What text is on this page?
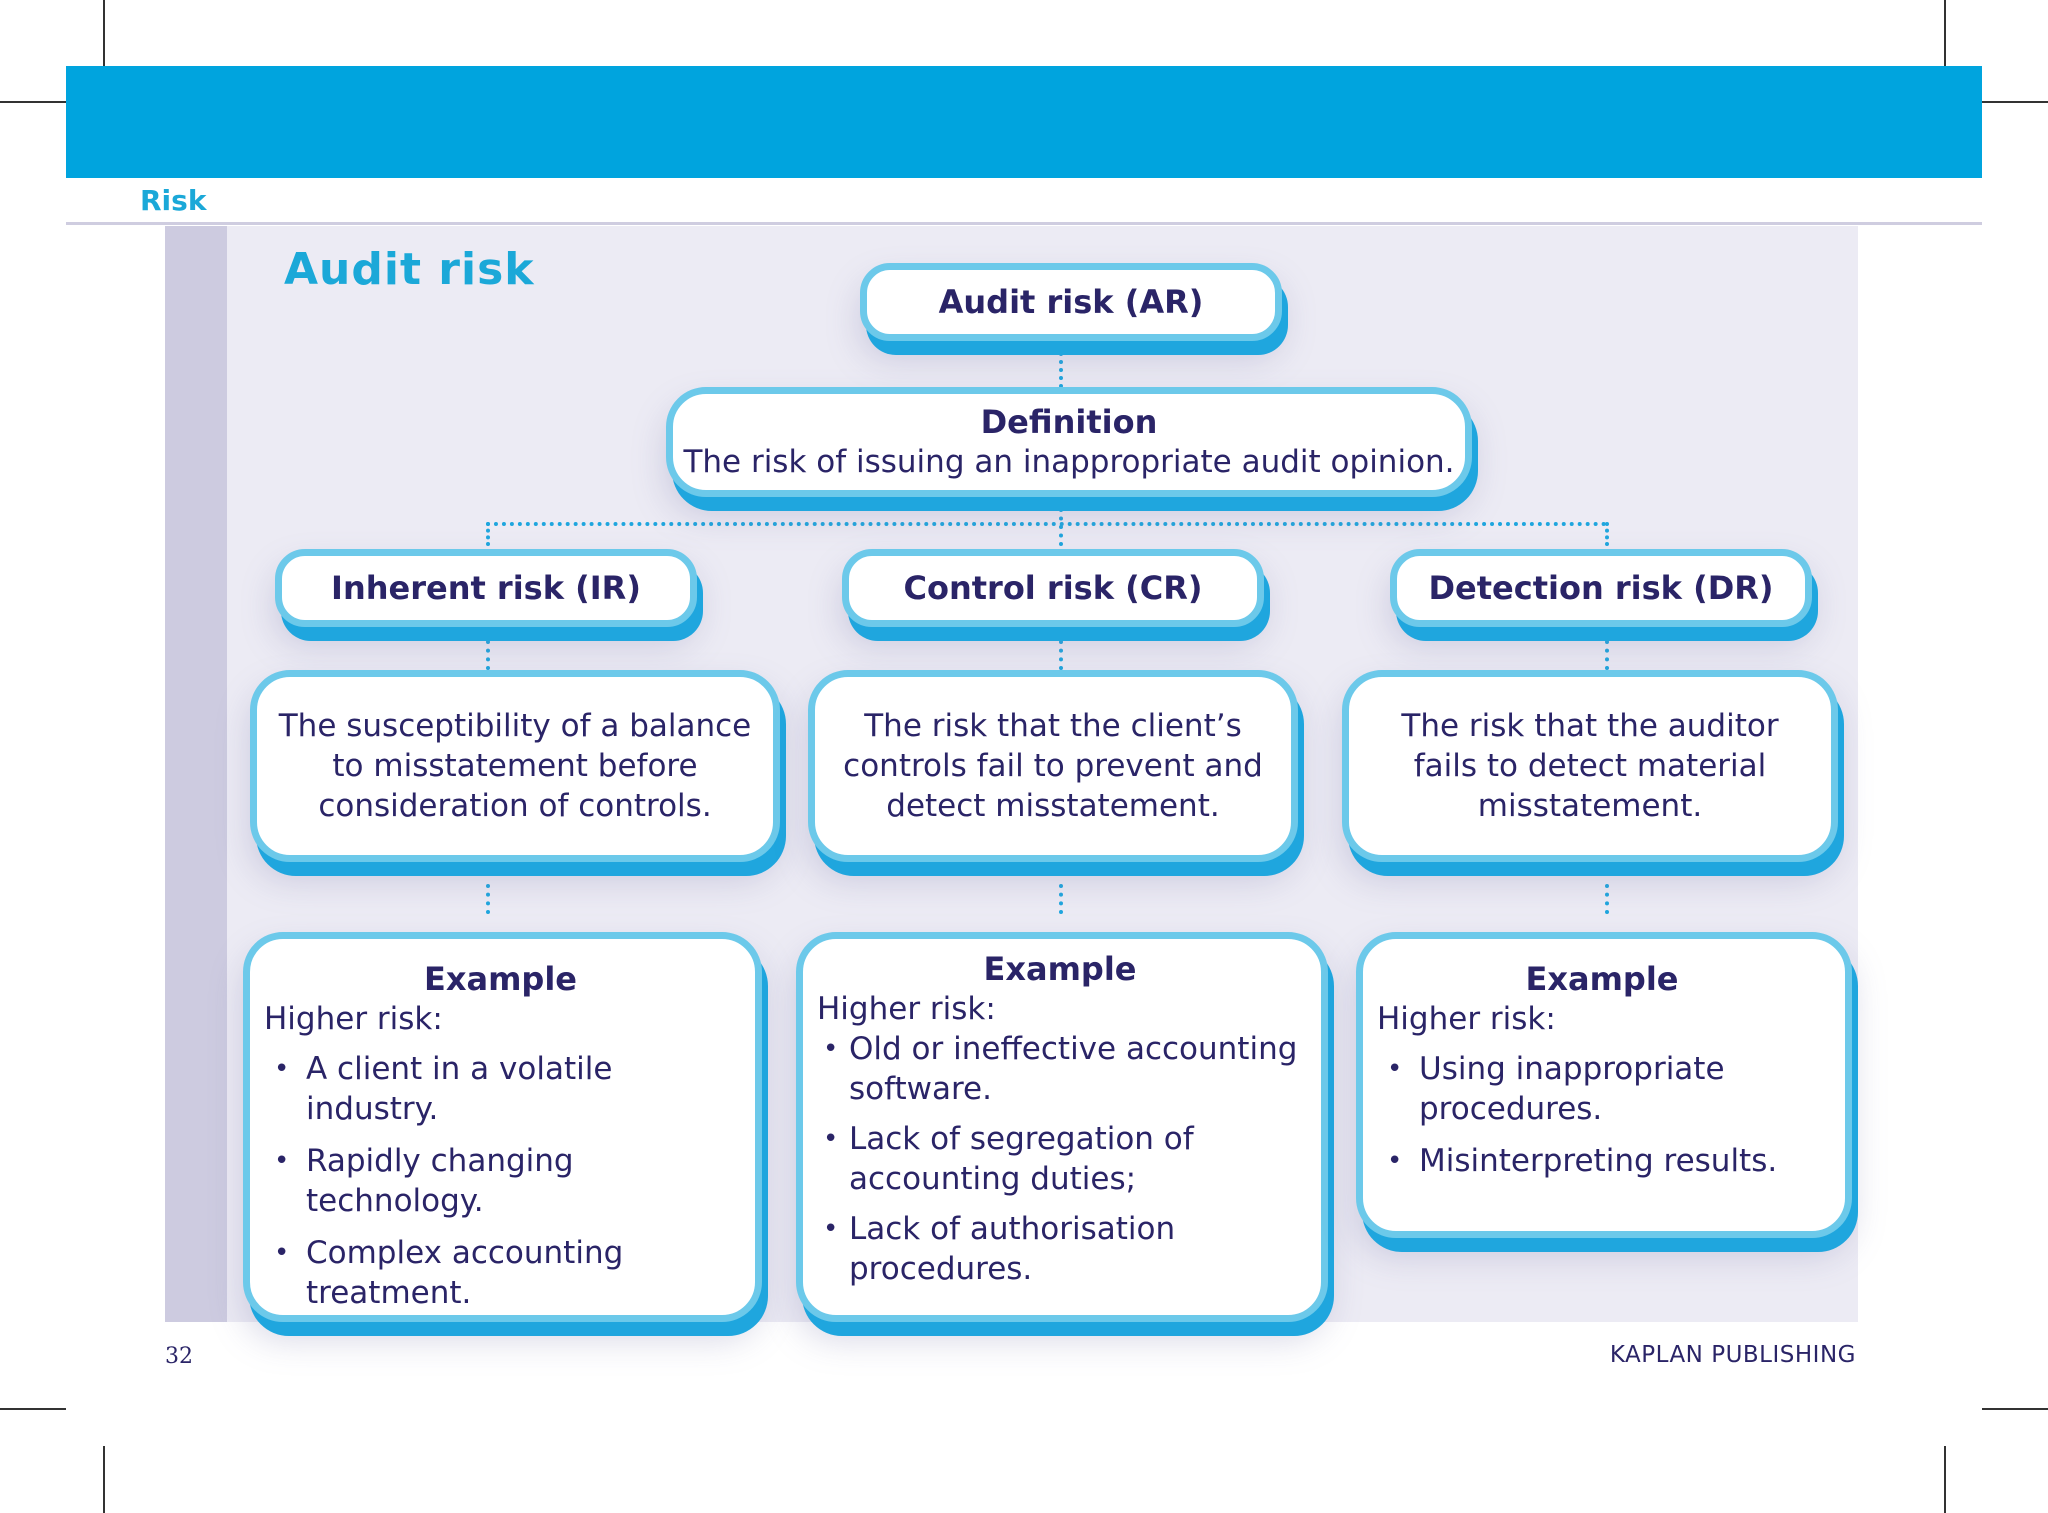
Risk
Audit risk
Audit risk (AR)
Definition
The risk of issuing an inappropriate audit opinion.
Inherent risk (IR)
The susceptibility of a balance to misstatement before consideration of controls.
Example
Higher risk:
• A client in a volatile industry.
• Rapidly changing technology.
• Complex accounting treatment.
Control risk (CR)
The risk that the client’s controls fail to prevent and detect misstatement.
Example
Higher risk:
• Old or ineffective accounting software.
• Lack of segregation of accounting duties;
• Lack of authorisation procedures.
Detection risk (DR)
The risk that the auditor fails to detect material misstatement.
Example
Higher risk:
• Using inappropriate procedures.
• Misinterpreting results.
32	KAPLAN PUBLISHING
